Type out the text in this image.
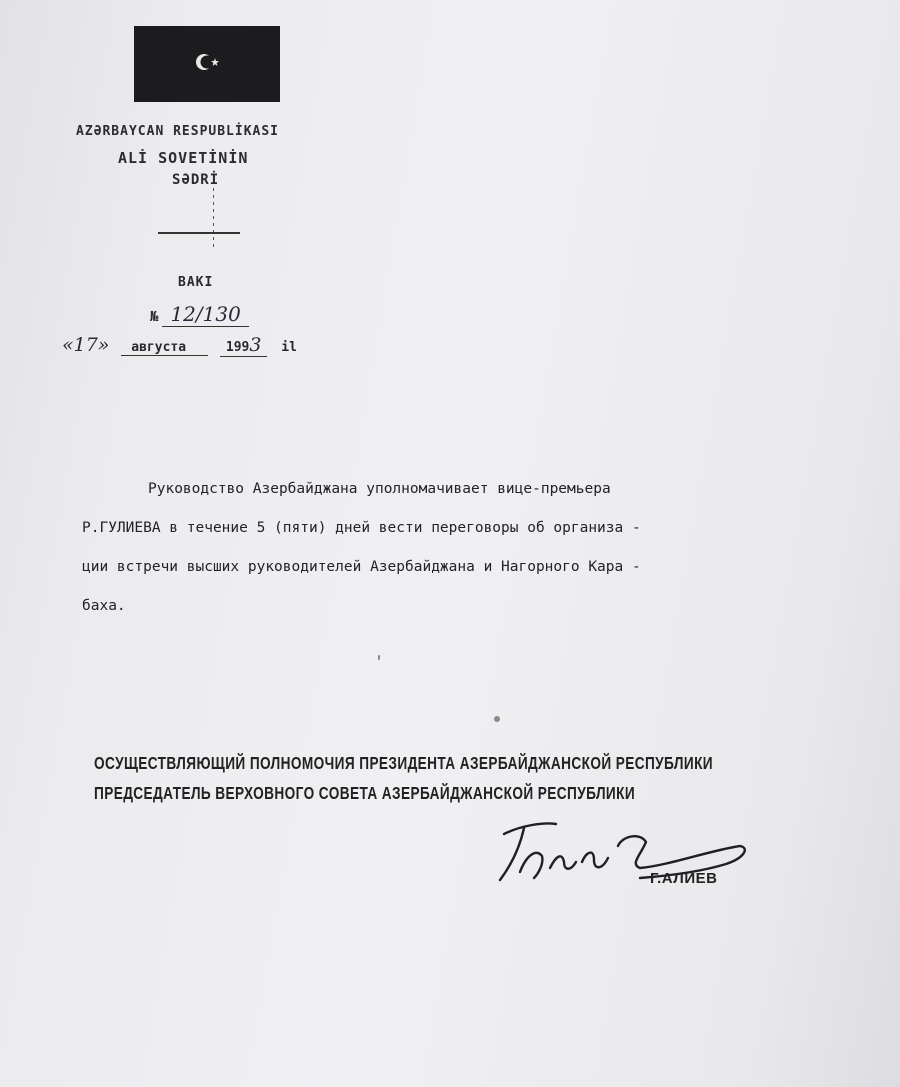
AZƏRBAYCAN RESPUBLİKASI
ALİ SOVETİNİN
SƏDRİ
BAKI
№ 12/130
«17» августа	1993 il
Руководство Азербайджана уполномачивает вице-премьера
Р.ГУЛИЕВА в течение 5 (пяти) дней вести переговоры об организа -
ции встречи высших руководителей Азербайджана и Нагорного Кара -
баха.
ОСУЩЕСТВЛЯЮЩИЙ ПОЛНОМОЧИЯ ПРЕЗИДЕНТА АЗЕРБАЙДЖАНСКОЙ РЕСПУБЛИКИ
ПРЕДСЕДАТЕЛЬ ВЕРХОВНОГО СОВЕТА АЗЕРБАЙДЖАНСКОЙ РЕСПУБЛИКИ
Г.АЛИЕВ
